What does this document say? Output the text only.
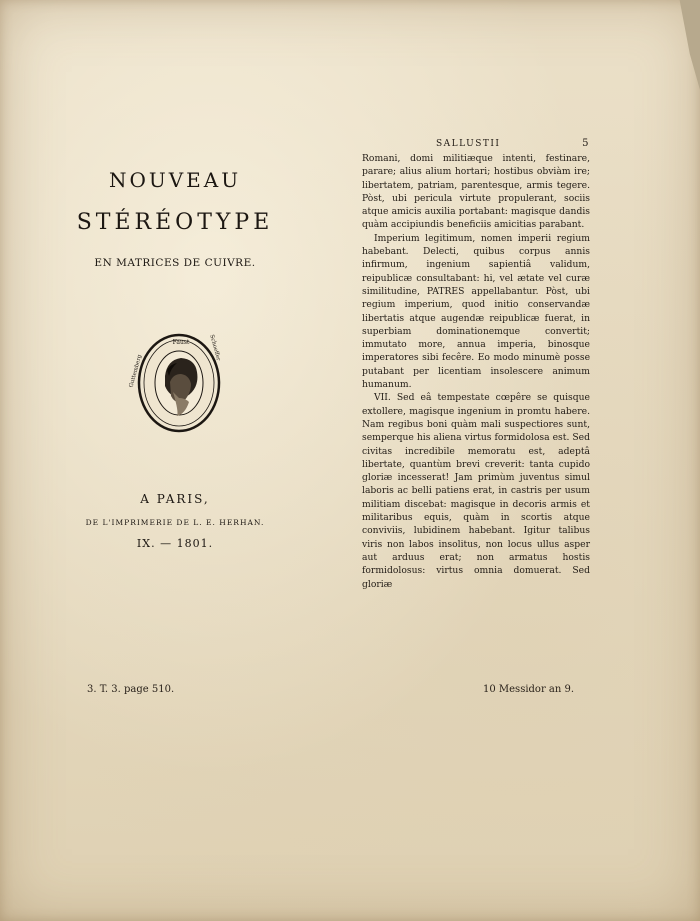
NOUVEAU
STÉRÉOTYPE
EN MATRICES DE CUIVRE.
Faust
Guttemberg
Schoeffer
A PARIS,
DE L'IMPRIMERIE DE L. E. HERHAN.
IX. — 1801.
3. T. 3. page 510.	10 Messidor an 9.
SALLUSTII	5

Romani, domi militiæque intenti, festinare, parare; alius alium hortari; hostibus obviàm ire; libertatem, patriam, parentesque, armis tegere. Pòst, ubi pericula virtute propulerant, sociis atque amicis auxilia portabant: magisque dandis quàm accipiundis beneficiis amicitias parabant.

Imperium legitimum, nomen imperii regium habebant. Delecti, quibus corpus annis infirmum, ingenium sapientiâ validum, reipublicæ consultabant: hi, vel ætate vel curæ similitudine, PATRES appellabantur. Pòst, ubi regium imperium, quod initio conservandæ libertatis atque augendæ reipublicæ fuerat, in superbiam dominationemque convertit; immutato more, annua imperia, binosque imperatores sibi fecêre. Eo modo minumè posse putabant per licentiam insolescere animum humanum.

VII. Sed eâ tempestate cœpêre se quisque extollere, magisque ingenium in promtu habere. Nam regibus boni quàm mali suspectiores sunt, semperque his aliena virtus formidolosa est. Sed civitas incredibile memoratu est, adeptâ libertate, quantùm brevi creverit: tanta cupido gloriæ incesserat! Jam primùm juventus simul laboris ac belli patiens erat, in castris per usum militiam discebat: magisque in decoris armis et militaribus equis, quàm in scortis atque conviviis, lubidinem habebant. Igitur talibus viris non labos insolitus, non locus ullus asper aut arduus erat; non armatus hostis formidolosus: virtus omnia domuerat. Sed gloriæ
